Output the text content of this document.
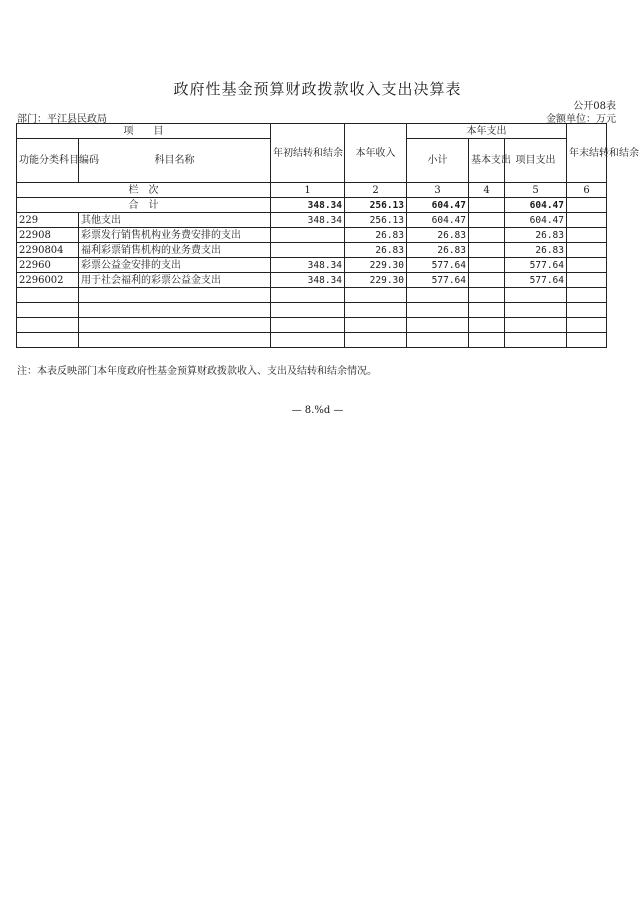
政府性基金预算财政拨款收入支出决算表
公开08表
部门：平江县民政局	金额单位：万元
项　　目		年初结转和结余	本年收入	本年支出			年末结转和结余
功能分类科目编码	科目名称			小计	基本支出	项目支出	
栏　次		1	2	3	4	5	6
合　计		348.34	256.13	604.47		604.47	
229	其他支出	348.34	256.13	604.47		604.47	
22908	彩票发行销售机构业务费安排的支出		26.83	26.83		26.83	
2290804	福利彩票销售机构的业务费支出		26.83	26.83		26.83	
22960	彩票公益金安排的支出	348.34	229.30	577.64		577.64	
2296002	用于社会福利的彩票公益金支出	348.34	229.30	577.64		577.64	

注：本表反映部门本年度政府性基金预算财政拨款收入、支出及结转和结余情况。
— 8.%d —
